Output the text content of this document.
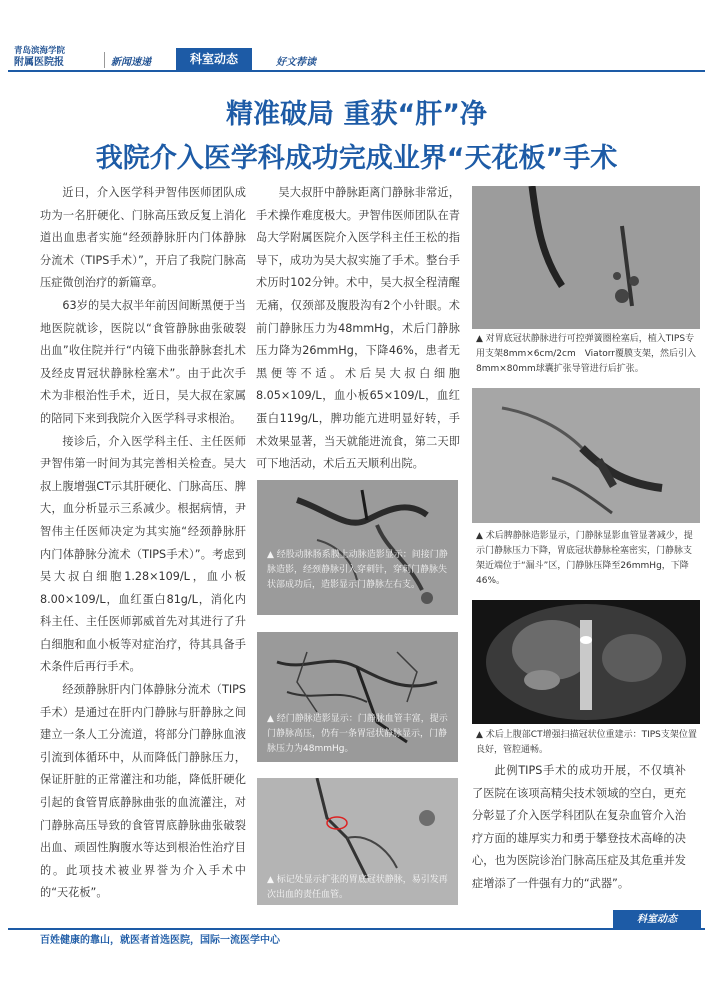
青岛滨海学院
附属医院报	新闻速递	科室动态	好文荐读
精准破局 重获“肝”净
我院介入医学科成功完成业界“天花板”手术

近日，介入医学科尹智伟医师团队成功为一名肝硬化、门脉高压致反复上消化道出血患者实施“经颈静脉肝内门体静脉分流术（TIPS手术）”，开启了我院门脉高压症微创治疗的新篇章。

63岁的吴大叔半年前因间断黑便于当地医院就诊，医院以“食管静脉曲张破裂出血”收住院并行“内镜下曲张静脉套扎术及经皮胃冠状静脉栓塞术”。由于此次手术为非根治性手术，近日，吴大叔在家属的陪同下来到我院介入医学科寻求根治。

接诊后，介入医学科主任、主任医师尹智伟第一时间为其完善相关检查。吴大叔上腹增强CT示其肝硬化、门脉高压、脾大，血分析显示三系减少。根据病情，尹智伟主任医师决定为其实施“经颈静脉肝内门体静脉分流术（TIPS手术）”。考虑到吴大叔白细胞1.28×109/L，血小板8.00×109/L，血红蛋白81g/L，消化内科主任、主任医师郭威首先对其进行了升白细胞和血小板等对症治疗，待其具备手术条件后再行手术。

经颈静脉肝内门体静脉分流术（TIPS手术）是通过在肝内门静脉与肝静脉之间建立一条人工分流道，将部分门静脉血液引流到体循环中，从而降低门静脉压力，保证肝脏的正常灌注和功能，降低肝硬化引起的食管胃底静脉曲张的血流灌注，对门静脉高压导致的食管胃底静脉曲张破裂出血、顽固性胸腹水等达到根治性治疗目的。此项技术被业界誉为介入手术中的“天花板”。

吴大叔肝中静脉距离门静脉非常近，手术操作难度极大。尹智伟医师团队在青岛大学附属医院介入医学科主任王松的指导下，成功为吴大叔实施了手术。整台手术历时102分钟。术中，吴大叔全程清醒无痛，仅颈部及腹股沟有2个小针眼。术前门静脉压力为48mmHg，术后门静脉压力降为26mmHg，下降46%，患者无黑便等不适。术后吴大叔白细胞8.05×109/L，血小板65×109/L，血红蛋白119g/L，脾功能亢进明显好转，手术效果显著，当天就能进流食，第二天即可下地活动，术后五天顺利出院。

▲ 经股动脉肠系膜上动脉造影显示：间接门静脉造影，经颈静脉引入穿刺针，穿刺门静脉失状部成功后，造影显示门静脉左右支。
▲ 经门静脉造影显示：门静脉血管丰富，提示门静脉高压，仍有一条胃冠状静脉显示，门静脉压力为48mmHg。
▲ 标记处显示扩张的胃底冠状静脉，易引发再次出血的责任血管。
▲ 对胃底冠状静脉进行可控弹簧圈栓塞后，植入TIPS专用支架8mm×6cm/2cm　Viatorr覆膜支架，然后引入8mm×80mm球囊扩张导管进行后扩张。
▲ 术后脾静脉造影显示，门静脉显影血管显著减少，提示门静脉压力下降，胃底冠状静脉栓塞密实，门静脉支架近端位于“漏斗”区，门静脉压降至26mmHg，下降46%。
▲ 术后上腹部CT增强扫描冠状位重建示：TIPS支架位置良好，管腔通畅。

此例TIPS手术的成功开展，不仅填补了医院在该项高精尖技术领域的空白，更充分彰显了介入医学科团队在复杂血管介入治疗方面的雄厚实力和勇于攀登技术高峰的决心，也为医院诊治门脉高压症及其危重并发症增添了一件强有力的“武器”。

科室动态
百姓健康的靠山，就医者首选医院，国际一流医学中心
